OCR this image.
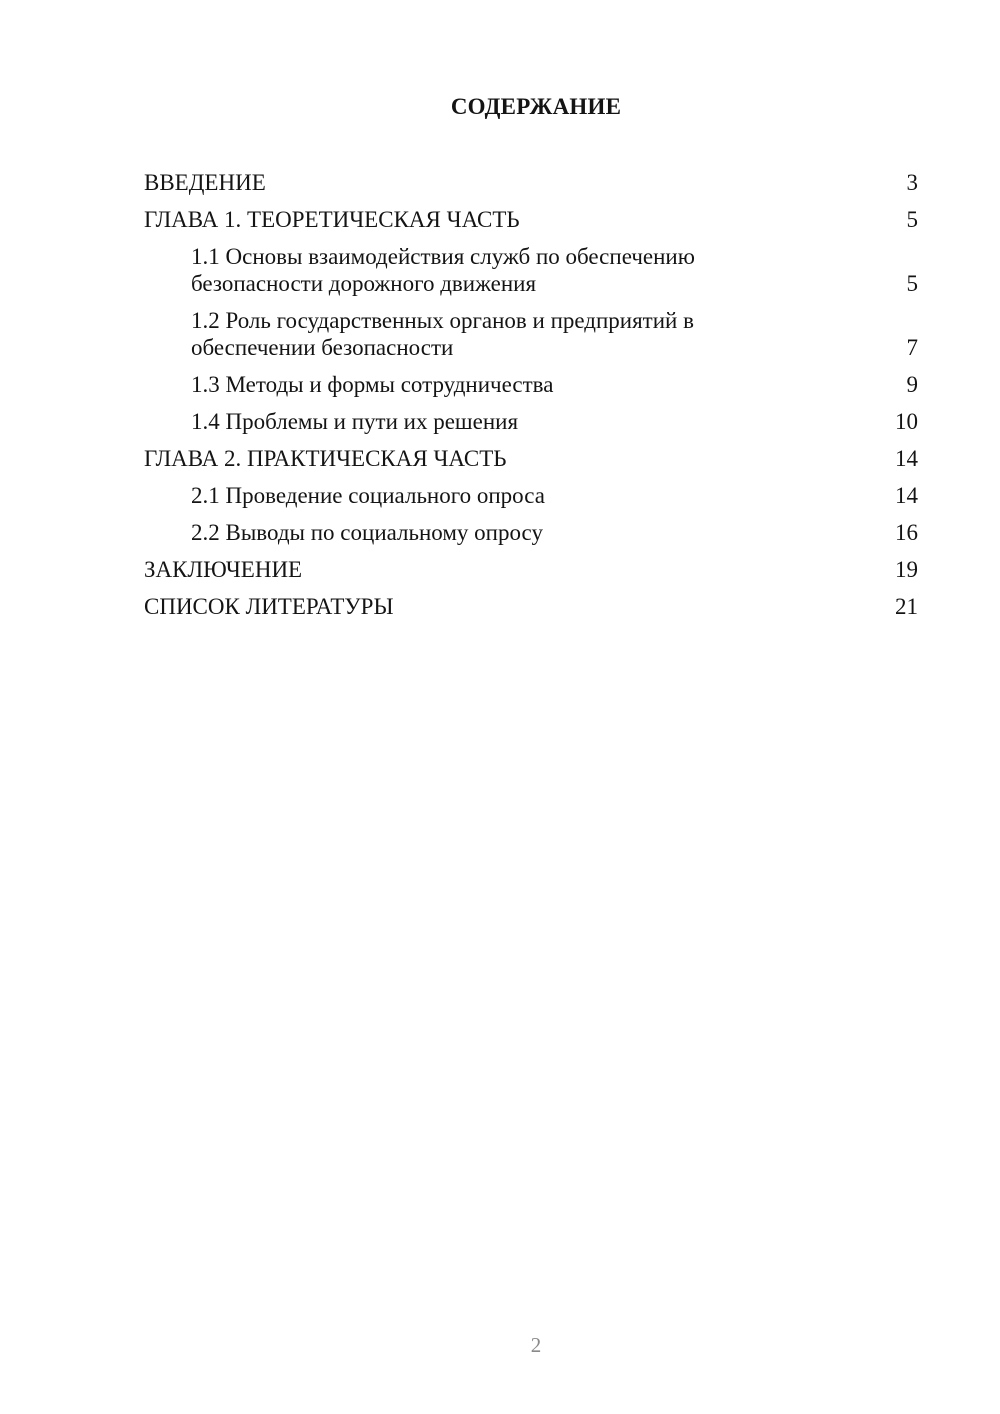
СОДЕРЖАНИЕ
ВВЕДЕНИЕ	3
ГЛАВА 1. ТЕОРЕТИЧЕСКАЯ ЧАСТЬ	5
1.1 Основы взаимодействия служб по обеспечению безопасности дорожного движения	5
1.2 Роль государственных органов и предприятий в обеспечении безопасности	7
1.3 Методы и формы сотрудничества	9
1.4 Проблемы и пути их решения	10
ГЛАВА 2. ПРАКТИЧЕСКАЯ ЧАСТЬ	14
2.1 Проведение социального опроса	14
2.2 Выводы по социальному опросу	16
ЗАКЛЮЧЕНИЕ	19
СПИСОК ЛИТЕРАТУРЫ	21
2
